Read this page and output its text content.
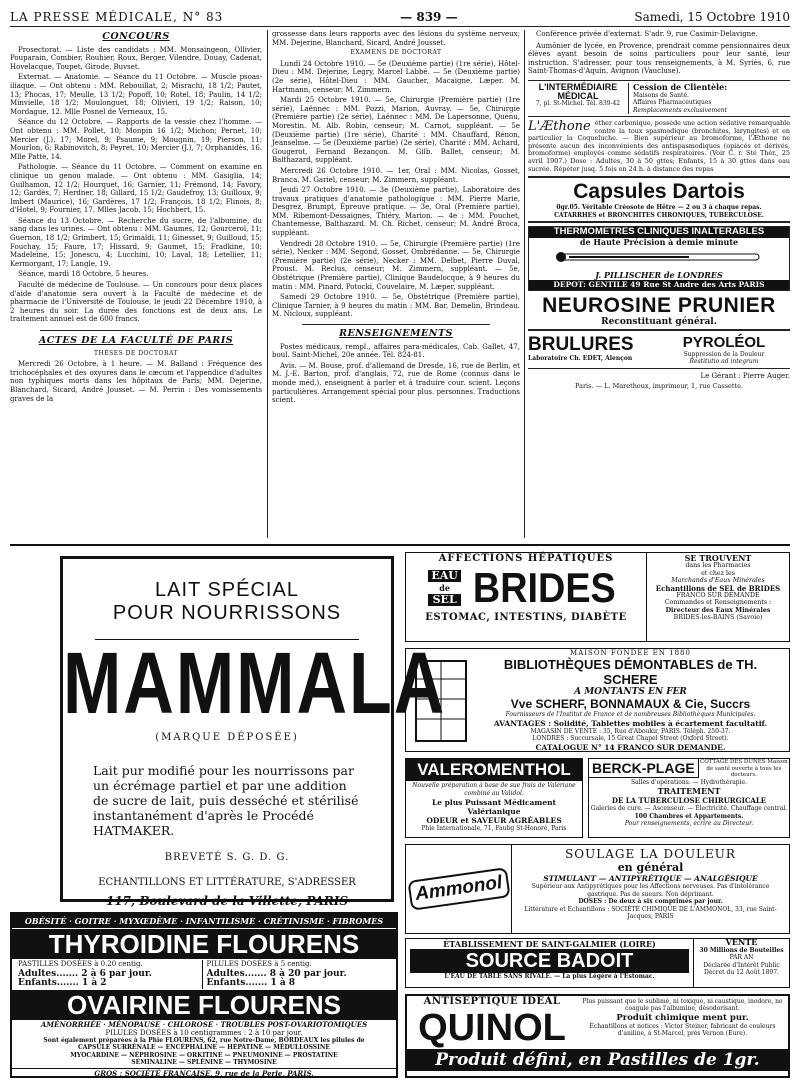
LA PRESSE MÉDICALE, N° 83	— 839 —	Samedi, 15 Octobre 1910
CONCOURS

Prosectorat. — Liste des candidats : MM. Monsaingeon, Ollivier, Pouparain, Combier, Rouhier, Roux, Berger, Vilendre, Douay, Cadenat, Hovelacque, Toupet, Girode, Buvset.

Externat. — Anatomie. — Séance du 11 Octobre. — Muscle psoas-iliaque. — Ont obtenu : MM. Rebouillat, 2; Misrachi, 18 1/2; Pautet, 13; Phocas, 17; Meulle, 13 1/2; Popoff, 10; Rotel, 18; Paulin, 14 1/2; Minvielle, 18 1/2; Moulonguet, 18; Olivieri, 19 1/2; Raison, 10; Mordague, 12. Mlle Posnel de Verneaux, 15.

Séance du 12 Octobre. — Rapports de la vessie chez l'homme. — Ont obtenu : MM. Pollet, 10; Monpin 16 1/2; Michon; Pernet, 10; Mercier (J.), 17; Morel, 9; Psaume, 9; Mougnin, 19; Pierson, 11; Mourlon, 6; Rabinovitch, 8; Peyret, 10; Mercier (J.), 7; Orphanidès, 16. Mlle Patte, 14.

Pathologie. — Séance du 11 Octobre. — Comment on examine en clinique un genou malade. — Ont obtenu : MM. Gasiglia, 14; Guilhamon, 12 1/2; Hourquet, 16; Garnier, 11; Frémond, 14; Favory, 12; Gardès, 7; Herdner, 18; Gillard, 15 1/2; Gaudefroy, 13; Guilloux, 9; Imbert (Maurice), 16; Gardères, 17 1/2; François, 18 1/2; Flinois, 8; d'Hotel, 9; Fournier, 17. Mlles Jacob, 15; Hochbert, 15.

Séance du 13 Octobre. — Recherche du sucre, de l'albumine, du sang dans les urines. — Ont obtenu : MM. Gaumes, 12; Gourcerol, 11; Guernon, 18 1/2; Grimbert, 15; Grimaldi, 11; Ginesset, 9; Guilloud, 15; Fouchay, 15; Faure, 17; Hissard, 9; Gaumet, 15; Fradkine, 10; Madeleine, 15; Jonescu, 4; Lucchini, 10; Laval, 18; Letellier, 11; Kermorgant, 17; Langle, 19.

Séance, mardi 18 Octobre, 5 heures.

Faculté de médecine de Toulouse. — Un concours pour deux places d'aide d'anatomie sera ouvert à la Faculté de médecine et de pharmacie de l'Université de Toulouse, le jeudi 22 Décembre 1910, à 2 heures du soir. La durée des fonctions est de deux ans. Le traitement annuel est de 600 francs.

ACTES DE LA FACULTÉ DE PARIS
THÈSES DE DOCTORAT

Mercredi 26 Octobre, à 1 heure. — M. Balland : Fréquence des trichocéphales et des oxyures dans le cæcum et l'appendice d'adultes non typhiques morts dans les hôpitaux de Paris; MM. Dejerine, Blanchard, Sicard, André Jousset. — M. Perrin : Des vomissements graves de la

grossesse dans leurs rapports avec des lésions du système nerveux; MM. Dejerine, Blanchard, Sicard, André Jousset.

EXAMENS DE DOCTORAT

Lundi 24 Octobre 1910. — 5e (Deuxième partie) (1re série), Hôtel-Dieu : MM. Dejerine, Legry, Marcel Labbé. — 5e (Deuxième partie) (2e série), Hôtel-Dieu : MM. Gaucher, Macaigne, Læper. M. Hartmann, censeur; M. Zimmern.

Mardi 25 Octobre 1910. — 5e, Chirurgie (Première partie) (1re série), Laënnec : MM. Pozzi, Marion, Auvray. — 5e, Chirurgie (Première partie) (2e série), Laënnec : MM. De Lapersonne, Quenu, Morestin. M. Alb. Robin, censeur; M. Carnot, suppléant. — 5e (Deuxième partie) (1re série), Charité : MM. Chauffard, Rénon, Jeanselme. — 5e (Deuxième partie) (2e série), Charité : MM. Achard, Gougerot, Fernand Bezançon. M. Gilb. Ballet, censeur; M. Balthazard, suppléant.

Mercredi 26 Octobre 1910. — 1er, Oral : MM. Nicolas, Gosset, Branca. M. Gariel, censeur; M. Zimmern, suppléant.

Jeudi 27 Octobre 1910. — 3e (Deuxième partie), Laboratoire des travaux pratiques d'anatomie pathologique : MM. Pierre Marie, Desgrez, Brumpt, Épreuve pratique. — 3e, Oral (Première partie), MM. Ribemont-Dessaignes, Thiéry, Marion. — 4e : MM. Pouchet, Chantemesse, Balthazard. M. Ch. Richet, censeur; M. André Broca, suppléant.

Vendredi 28 Octobre 1910. — 5e, Chirurgie (Première partie) (1re série), Necker : MM. Segond, Gosset, Ombrédanne. — 5e, Chirurgie (Première partie) (2e série), Necker : MM. Delbet, Pierre Duval, Proust. M. Reclus, censeur; M. Zimmern, suppléant. — 5e, Obstétrique (Première partie), Clinique Baudelocque, à 9 heures du matin : MM. Pinard, Potocki, Couvelaire, M. Læper, suppléant.

Samedi 29 Octobre 1910. — 5e, Obstétrique (Première partie), Clinique Tarnier, à 9 heures du matin : MM. Bar, Demelin, Brindeau. M. Nicloux, suppléant.

RENSEIGNEMENTS

Postes médicaux, rempl., affaires para-médicales, Cab. Gallet, 47, boul. Saint-Michel, 20e année. Tél. 824-81.

Avis. — M. Bouse, prof. d'allemand de Dresde, 16, rue de Berlin, et M. J.-E. Barton, prof. d'anglais, 72, rue de Rome (connus dans le monde méd.), enseignent à parler et à traduire cour. scient. Leçons particulières. Arrangement spécial pour plus. personnes. Traductions scient.

Conférence privée d'externat. S'adr. 9, rue Casimir-Delavigne.

Aumônier de lycée, en Provence, prendrait comme pensionnaires deux élèves ayant besoin de soins particuliers pour leur santé, leur instruction. S'adresser, pour tous renseignements, à M. Syriès, 6, rue Saint-Thomas-d'Aquin, Avignon (Vaucluse).

L'INTERMÉDIAIRE
MÉDICAL
7, pl. St-Michel. Tél. 839-42
Cession de Clientèle:
Maisons de Santé.
Affaires Pharmaceutiques
Remplacements exclusivement
L'Æthone éther carbonique, possède une action sédative remarquable contre la toux spasmodique (bronchites, laryngites) et en particulier la Coqueluche. — Bien supérieur au bromoforme, l'Æthone ne présente aucun des inconvénients des antispasmodiques (opiacés et dérivés, bromoforme) employés comme sédatifs respiratoires. (Voir C. r. Sté Thér., 25 avril 1907.) Dose : Adultes, 30 à 50 gttes; Enfants, 15 à 30 gttes dans eau sucrée. Répéter jusq. 5 fois en 24 h. à distance des repas
Capsules Dartois
0gr.05. Véritable Créosote de Hêtre — 2 ou 3 à chaque repas.
CATARRHES et BRONCHITES CHRONIQUES, TUBERCULOSE.
THERMOMETRES CLINIQUES INALTERABLES
de Haute Précision à demie minute
J. PILLISCHER de LONDRES
DEPOT: GENTILE 49 Rue St Andre des Arts PARIS
NEUROSINE PRUNIER
Reconstituant général.
BRULURES
Laboratoire Ch. EDET, Alençon
PYROLÉOL
Suppression de la Douleur
Restitutio ad integrum
Le Gérant : Pierre Auger.
Paris. — L. Maretheux, imprimeur, 1, rue Cassette.
LAIT SPÉCIAL
POUR NOURRISSONS
MAMMALA
(MARQUE DÉPOSÉE)
Lait pur modifié pour les nourrissons par un écrémage partiel et par une addition de sucre de lait, puis desséché et stérilisé instantanément d'après le Procédé HATMAKER.
BREVETÉ S. G. D. G.
ECHANTILLONS ET LITTÉRATURE, S'ADRESSER
117, Boulevard de la Villette, PARIS
AFFECTIONS HÉPATIQUES
EAU
de
SEL BRIDES
ESTOMAC, INTESTINS, DIABÈTE
SE TROUVENT
dans les Pharmacies
et chez les
Marchands d'Eaux Minérales
Echantillons de SEL de BRIDES
FRANCO SUR DEMANDE
Commandes et Renseignements :
Directeur des Eaux Minérales
BRIDES-les-BAINS (Savoie)
MAISON FONDÉE EN 1880
BIBLIOTHÈQUES DÉMONTABLES de TH. SCHERE
A MONTANTS EN FER
Vve SCHERF, BONNAMAUX & Cie, Succrs
Fournisseurs de l'Institut de France et de nombreuses Bibliothèques Municipales.
AVANTAGES : Solidité, Tablettes mobiles à écartement facultatif.
MAGASIN DE VENTE : 35, Rue d'Aboukir, PARIS. Téléph. 250-37.
LONDRES : Succursale, 15 Great Chapel Street (Oxford Street).
CATALOGUE N° 14 FRANCO SUR DEMANDE.
VALEROMENTHOL
Nouvelle préparation à base de sue frais de Valériane combiné au Validol.
Le plus Puissant Médicament Valérianique
ODEUR et SAVEUR AGRÉABLES
Phie Internationale, 71, Faubg St-Honoré, Paris
BERCK-PLAGE COTTAGE DES DUNES Maison de santé ouverte à tous les docteurs.
Salles d'opérations. — Hydrothérapie.
TRAITEMENT
DE LA TUBERCULOSE CHIRURGICALE
Galeries de cure. — Ascenseur. — Électricité. Chauffage central.
100 Chambres et Appartements.
Pour renseignements, écrire au Directeur.
Ammonol
SOULAGE LA DOULEUR
en général
STIMULANT — ANTIPYRÉTIQUE — ANALGÉSIQUE
Supérieur aux Antipyrétiques pour les Affections nerveuses. Pas d'intolérance gastrique. Pas de sueurs. Non déprimant.
DOSES : De deux à six comprimés par jour.
Littérature et Echantillons : SOCIÉTÉ CHIMIQUE DE L'AMMONOL, 33, rue Saint-Jacques, PARIS
OBÉSITÉ · GOITRE · MYXŒDÈME · INFANTILISME · CRÉTINISME · FIBROMES
THYROIDINE FLOURENS
PASTILLES DOSÉES à 0.20 centig.
Adultes....... 2 à 6 par jour.
Enfants....... 1 à 2
PILULES DOSÉES à 5 centig.
Adultes....... 8 à 20 par jour.
Enfants....... 1 à 8
OVAIRINE FLOURENS
AMÉNORRHÉE · MÉNOPAUSE · CHLOROSE · TROUBLES POST-OVARIOTOMIQUES
PILULES DOSÉES à 10 centigrammes : 2 à 10 par jour.
Sont également préparées à la Phie FLOURENS, 62, rue Notre-Dame, BORDEAUX les pilules de
CAPSULE SURRÉNALE — ENCÉPHALINE — HÉPATINE — MÉDULLOSSINE
MYOCARDINE — NÉPHROSINE — ORKITINE — PNEUMONINE — PROSTATINE
SÉMINALINE — SPLÉNINE — THYMOSINE
GROS : SOCIÉTÉ FRANÇAISE, 9, rue de la Perle, PARIS.
ÉTABLISSEMENT DE SAINT-GALMIER (LOIRE)
SOURCE BADOIT
L'EAU DE TABLE SANS RIVALE. — La plus Légère à l'Estomac.
VENTE
30 Millions de Bouteilles
PAR AN
Déclarée d'Intérêt Public
Décret du 12 Août 1897.
ANTISEPTIQUE IDÉAL
QUINOL
Plus puissant que le sublimé, ni toxique, ni caustique, inodore, ne coagule pas l'albumine, désodorisant.
Produit chimique ment pur.
Échantillons et notices : Victor Steiner, fabricant de couleurs d'aniline, à St-Marcel, près Vernon (Eure).
Produit défini, en Pastilles de 1gr.
